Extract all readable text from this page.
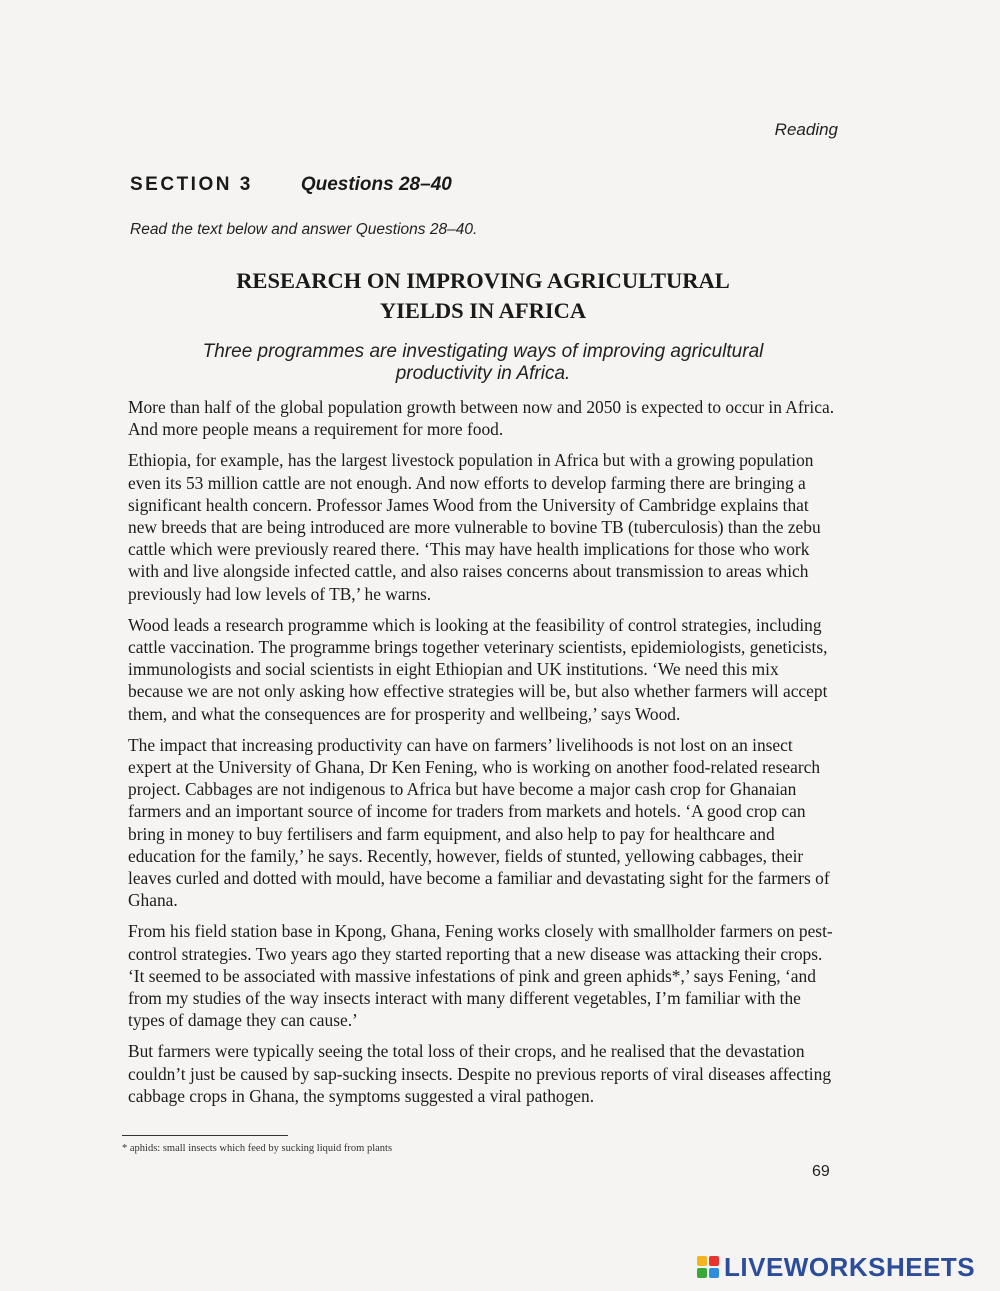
Reading
SECTION 3	Questions 28–40
Read the text below and answer Questions 28–40.
RESEARCH ON IMPROVING AGRICULTURAL
YIELDS IN AFRICA
Three programmes are investigating ways of improving agricultural
productivity in Africa.

More than half of the global population growth between now and 2050 is expected to occur in Africa. And more people means a requirement for more food.

Ethiopia, for example, has the largest livestock population in Africa but with a growing population even its 53 million cattle are not enough. And now efforts to develop farming there are bringing a significant health concern. Professor James Wood from the University of Cambridge explains that new breeds that are being introduced are more vulnerable to bovine TB (tuberculosis) than the zebu cattle which were previously reared there. ‘This may have health implications for those who work with and live alongside infected cattle, and also raises concerns about transmission to areas which previously had low levels of TB,’ he warns.

Wood leads a research programme which is looking at the feasibility of control strategies, including cattle vaccination. The programme brings together veterinary scientists, epidemiologists, geneticists, immunologists and social scientists in eight Ethiopian and UK institutions. ‘We need this mix because we are not only asking how effective strategies will be, but also whether farmers will accept them, and what the consequences are for prosperity and wellbeing,’ says Wood.

The impact that increasing productivity can have on farmers’ livelihoods is not lost on an insect expert at the University of Ghana, Dr Ken Fening, who is working on another food-related research project. Cabbages are not indigenous to Africa but have become a major cash crop for Ghanaian farmers and an important source of income for traders from markets and hotels. ‘A good crop can bring in money to buy fertilisers and farm equipment, and also help to pay for healthcare and education for the family,’ he says. Recently, however, fields of stunted, yellowing cabbages, their leaves curled and dotted with mould, have become a familiar and devastating sight for the farmers of Ghana.

From his field station base in Kpong, Ghana, Fening works closely with smallholder farmers on pest-control strategies. Two years ago they started reporting that a new disease was attacking their crops. ‘It seemed to be associated with massive infestations of pink and green aphids*,’ says Fening, ‘and from my studies of the way insects interact with many different vegetables, I’m familiar with the types of damage they can cause.’

But farmers were typically seeing the total loss of their crops, and he realised that the devastation couldn’t just be caused by sap-sucking insects. Despite no previous reports of viral diseases affecting cabbage crops in Ghana, the symptoms suggested a viral pathogen.

* aphids: small insects which feed by sucking liquid from plants
69
LIVEWORKSHEETS
